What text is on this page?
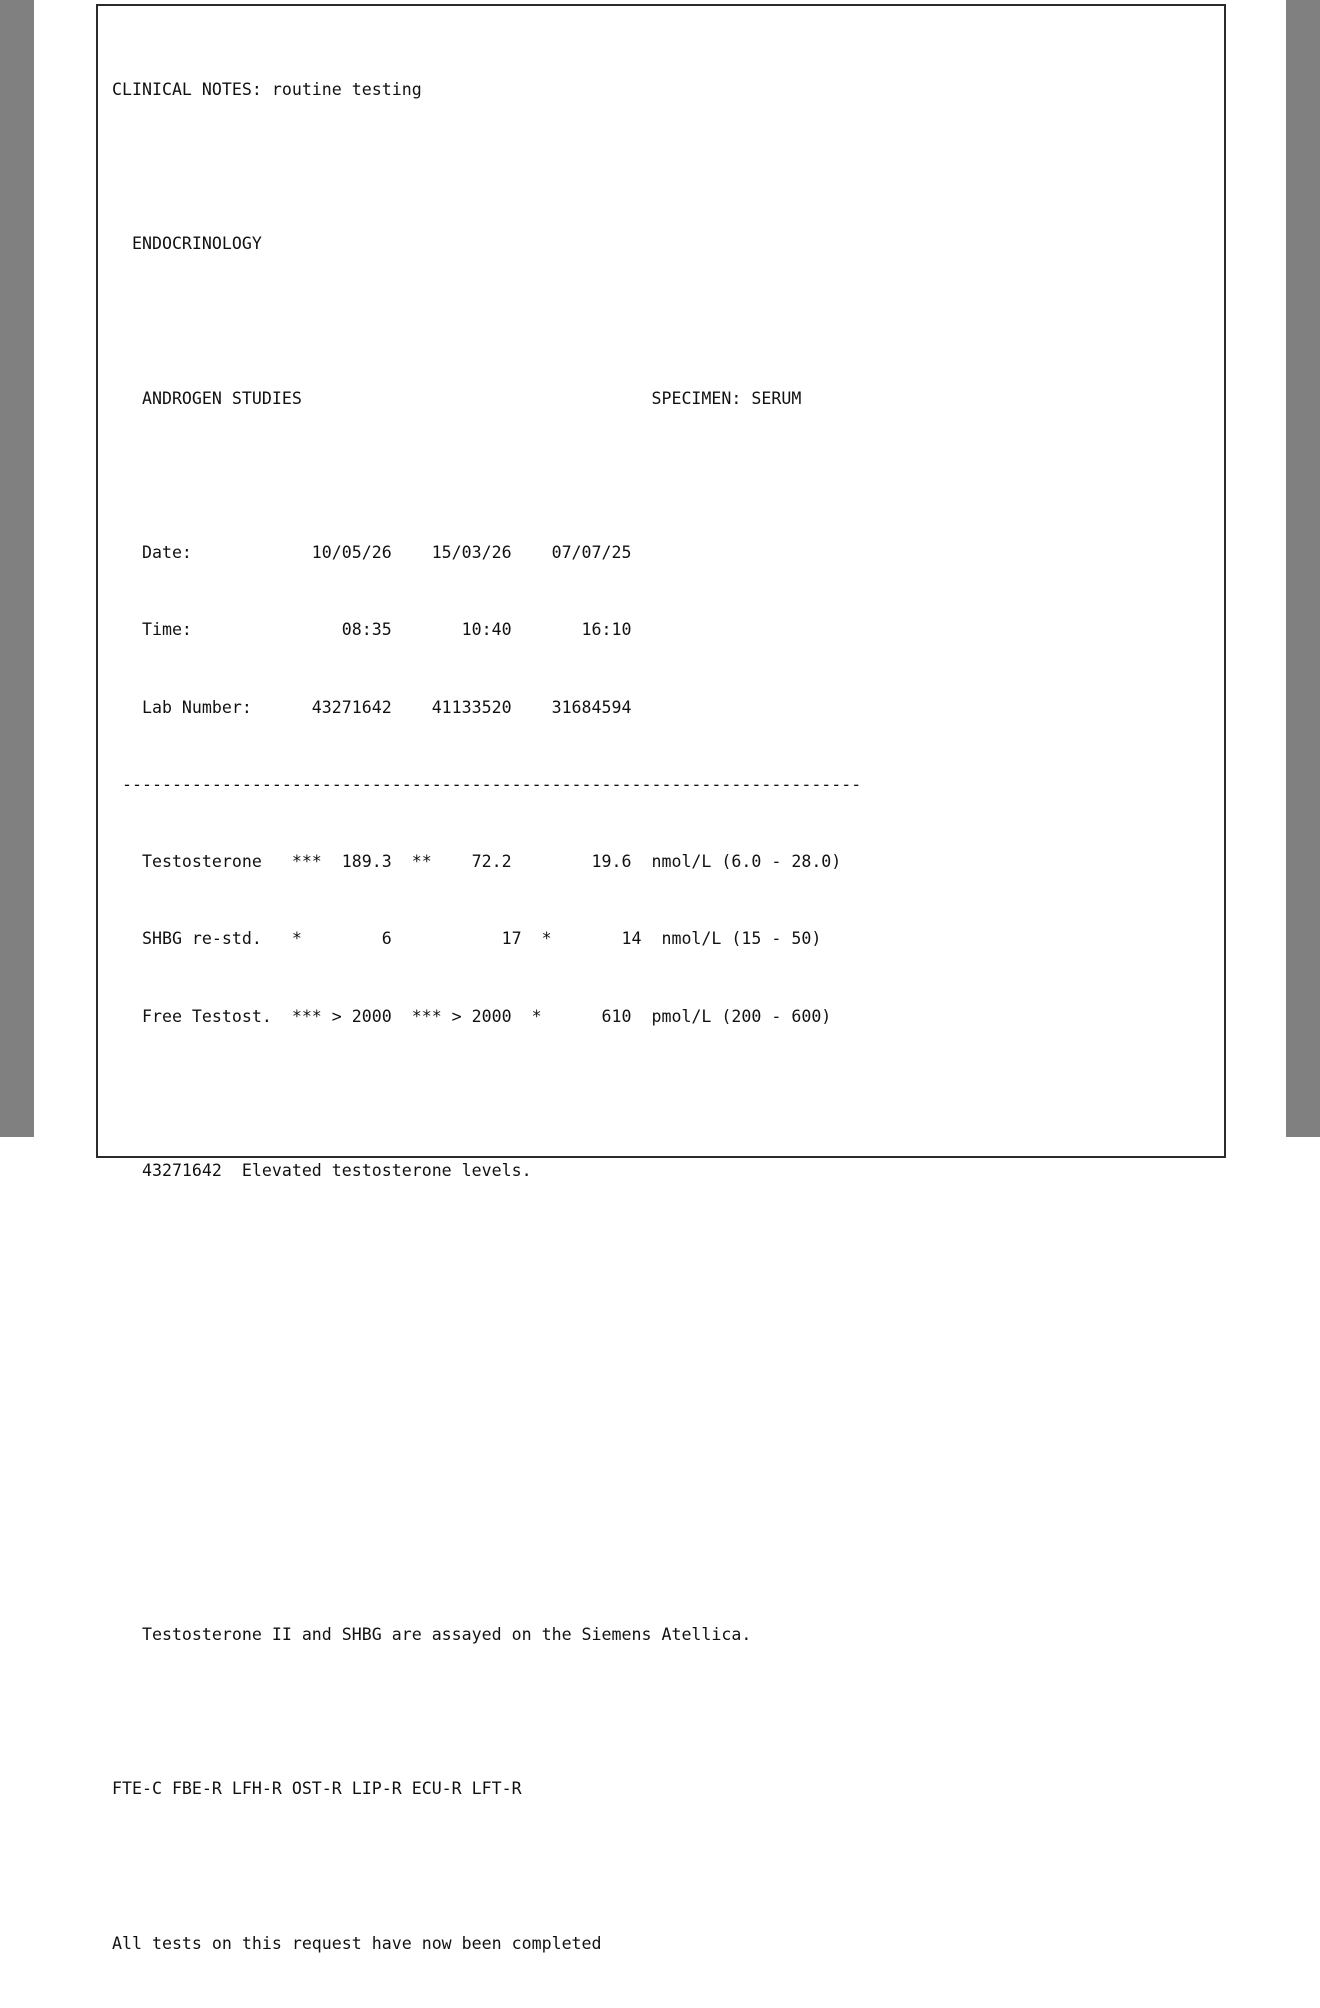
CLINICAL NOTES: routine testing

ENDOCRINOLOGY

ANDROGEN STUDIES                                   SPECIMEN: SERUM

Date:            10/05/26    15/03/26    07/07/25

Time:               08:35       10:40       16:10

Lab Number:      43271642    41133520    31684594

--------------------------------------------------------------------------

Testosterone   ***  189.3  **    72.2        19.6  nmol/L (6.0 - 28.0)

SHBG re-std.   *        6           17  *       14  nmol/L (15 - 50)

Free Testost.  *** > 2000  *** > 2000  *      610  pmol/L (200 - 600)

43271642  Elevated testosterone levels.

Testosterone II and SHBG are assayed on the Siemens Atellica.

FTE-C FBE-R LFH-R OST-R LIP-R ECU-R LFT-R

All tests on this request have now been completed
